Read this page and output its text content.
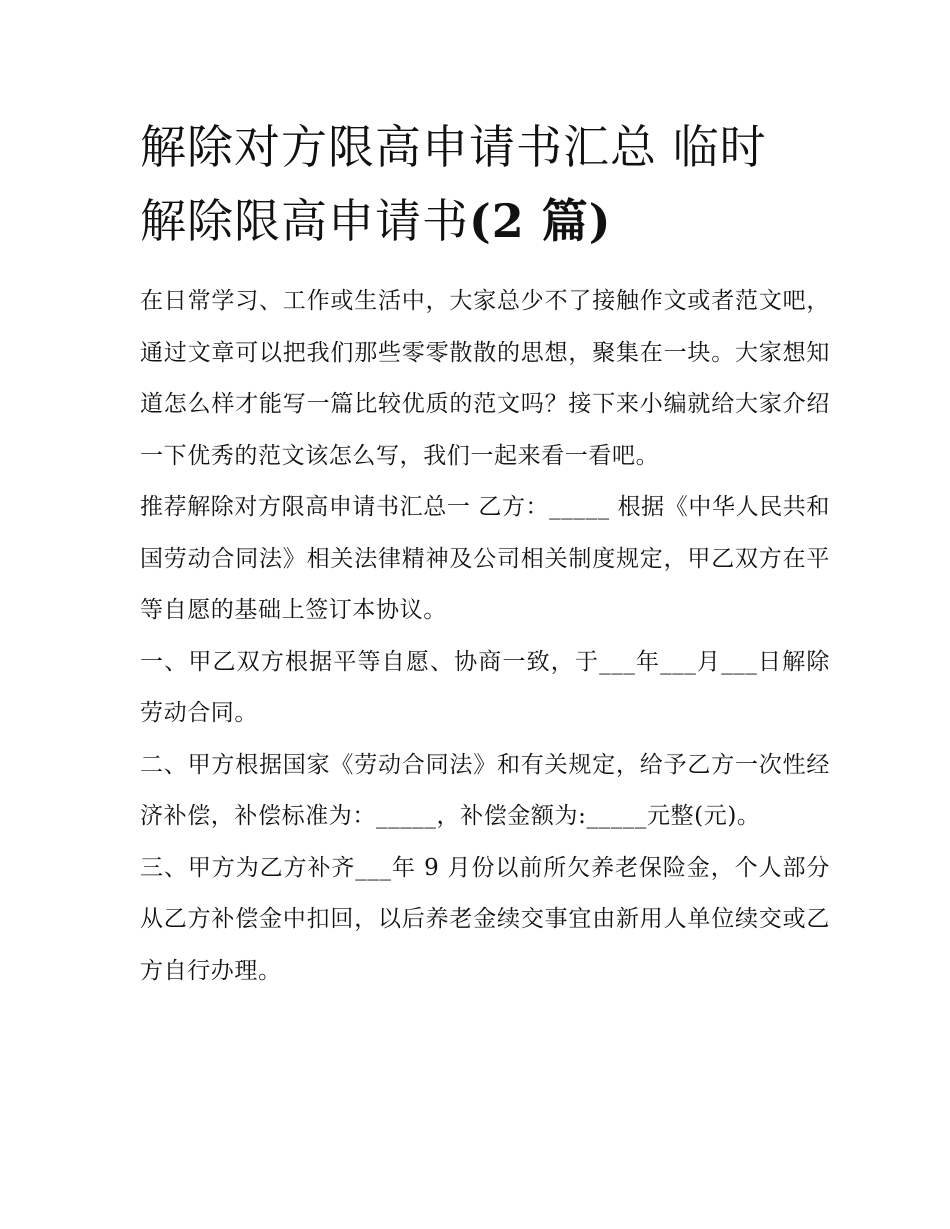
解除对方限高申请书汇总 临时
解除限高申请书(2 篇)

在日常学习、工作或生活中，大家总少不了接触作文或者范文吧，通过文章可以把我们那些零零散散的思想，聚集在一块。大家想知道怎么样才能写一篇比较优质的范文吗？接下来小编就给大家介绍一下优秀的范文该怎么写，我们一起来看一看吧。

推荐解除对方限高申请书汇总一 乙方：_____ 根据《中华人民共和国劳动合同法》相关法律精神及公司相关制度规定，甲乙双方在平等自愿的基础上签订本协议。

一、甲乙双方根据平等自愿、协商一致，于___年___月___日解除劳动合同。

二、甲方根据国家《劳动合同法》和有关规定，给予乙方一次性经济补偿，补偿标准为：_____，补偿金额为:_____元整(元)。

三、甲方为乙方补齐___年 9 月份以前所欠养老保险金，个人部分从乙方补偿金中扣回，以后养老金续交事宜由新用人单位续交或乙方自行办理。
